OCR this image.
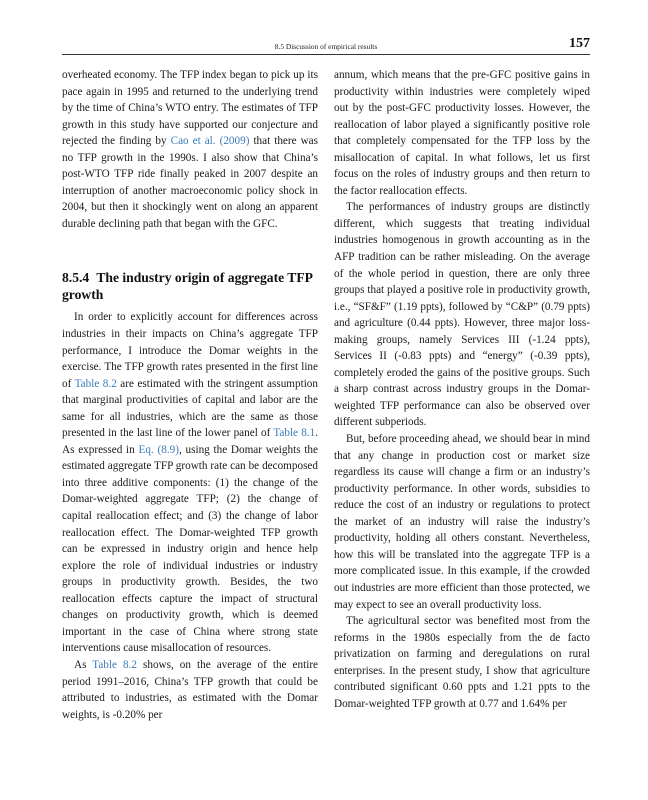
8.5 Discussion of empirical results	157

overheated economy. The TFP index began to pick up its pace again in 1995 and returned to the underlying trend by the time of China’s WTO entry. The estimates of TFP growth in this study have supported our conjecture and rejected the finding by Cao et al. (2009) that there was no TFP growth in the 1990s. I also show that China’s post-WTO TFP ride finally peaked in 2007 despite an interruption of another macroeconomic policy shock in 2004, but then it shockingly went on along an apparent durable declining path that began with the GFC.

8.5.4 The industry origin of aggregate TFP growth

In order to explicitly account for differences across industries in their impacts on China’s aggregate TFP performance, I introduce the Domar weights in the exercise. The TFP growth rates presented in the first line of Table 8.2 are estimated with the stringent assumption that marginal productivities of capital and labor are the same for all industries, which are the same as those presented in the last line of the lower panel of Table 8.1. As expressed in Eq. (8.9), using the Domar weights the estimated aggregate TFP growth rate can be decomposed into three additive components: (1) the change of the Domar-weighted aggregate TFP; (2) the change of capital reallocation effect; and (3) the change of labor reallocation effect. The Domar-weighted TFP growth can be expressed in industry origin and hence help explore the role of individual industries or industry groups in productivity growth. Besides, the two reallocation effects capture the impact of structural changes on productivity growth, which is deemed important in the case of China where strong state interventions cause misallocation of resources.

As Table 8.2 shows, on the average of the entire period 1991–2016, China’s TFP growth that could be attributed to industries, as estimated with the Domar weights, is -0.20% per

annum, which means that the pre-GFC positive gains in productivity within industries were completely wiped out by the post-GFC productivity losses. However, the reallocation of labor played a significantly positive role that completely compensated for the TFP loss by the misallocation of capital. In what follows, let us first focus on the roles of industry groups and then return to the factor reallocation effects.

The performances of industry groups are distinctly different, which suggests that treating individual industries homogenous in growth accounting as in the AFP tradition can be rather misleading. On the average of the whole period in question, there are only three groups that played a positive role in productivity growth, i.e., “SF&F” (1.19 ppts), followed by “C&P” (0.79 ppts) and agriculture (0.44 ppts). However, three major loss-making groups, namely Services III (-1.24 ppts), Services II (-0.83 ppts) and “energy” (-0.39 ppts), completely eroded the gains of the positive groups. Such a sharp contrast across industry groups in the Domar-weighted TFP performance can also be observed over different subperiods.

But, before proceeding ahead, we should bear in mind that any change in production cost or market size regardless its cause will change a firm or an industry’s productivity performance. In other words, subsidies to reduce the cost of an industry or regulations to protect the market of an industry will raise the industry’s productivity, holding all others constant. Nevertheless, how this will be translated into the aggregate TFP is a more complicated issue. In this example, if the crowded out industries are more efficient than those protected, we may expect to see an overall productivity loss.

The agricultural sector was benefited most from the reforms in the 1980s especially from the de facto privatization on farming and deregulations on rural enterprises. In the present study, I show that agriculture contributed significant 0.60 ppts and 1.21 ppts to the Domar-weighted TFP growth at 0.77 and 1.64% per
